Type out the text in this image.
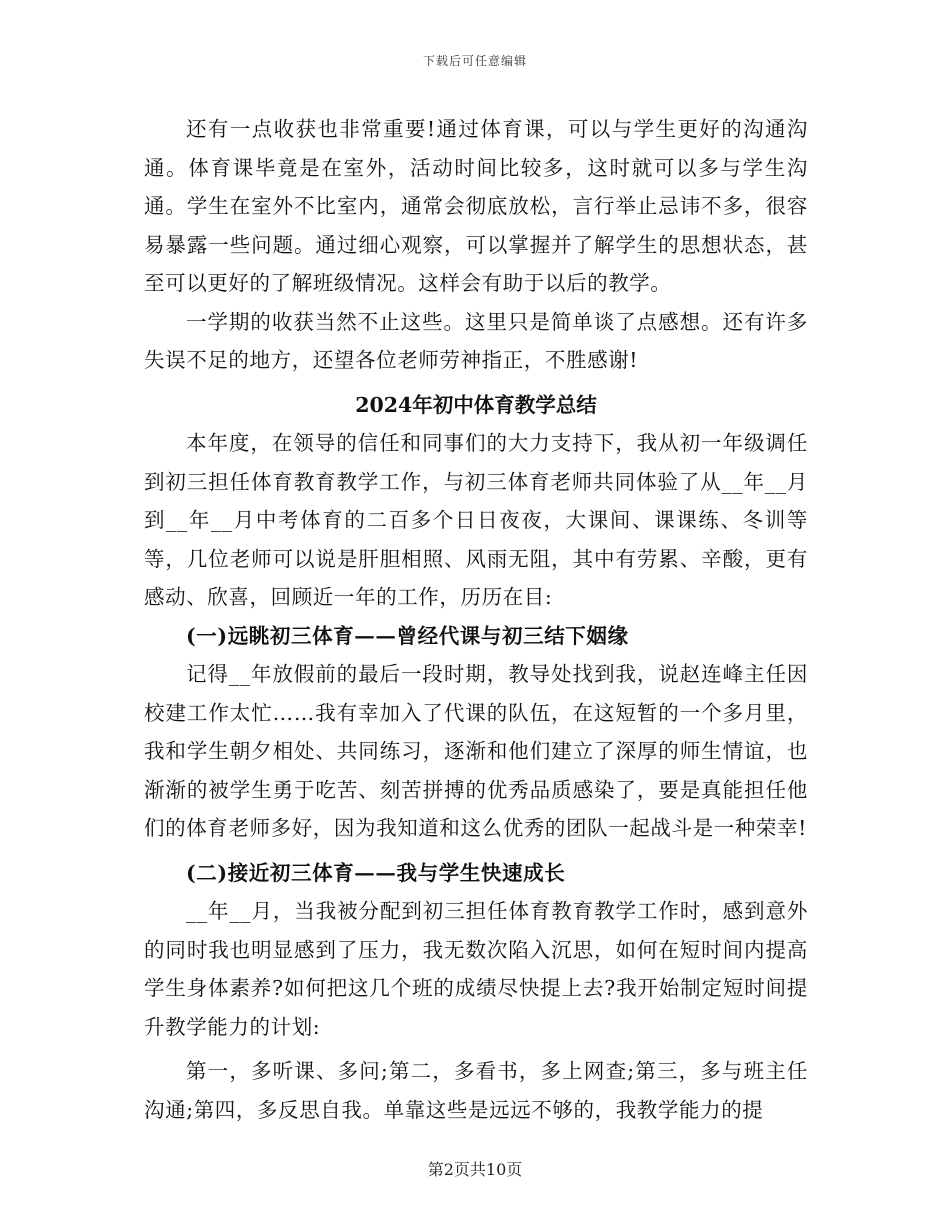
下载后可任意编辑

还有一点收获也非常重要!通过体育课，可以与学生更好的沟通沟通。体育课毕竟是在室外，活动时间比较多，这时就可以多与学生沟通。学生在室外不比室内，通常会彻底放松，言行举止忌讳不多，很容易暴露一些问题。通过细心观察，可以掌握并了解学生的思想状态，甚至可以更好的了解班级情况。这样会有助于以后的教学。

一学期的收获当然不止这些。这里只是简单谈了点感想。还有许多失误不足的地方，还望各位老师劳神指正，不胜感谢!

2024年初中体育教学总结

本年度，在领导的信任和同事们的大力支持下，我从初一年级调任到初三担任体育教育教学工作，与初三体育老师共同体验了从__年__月到__年__月中考体育的二百多个日日夜夜，大课间、课课练、冬训等等，几位老师可以说是肝胆相照、风雨无阻，其中有劳累、辛酸，更有感动、欣喜，回顾近一年的工作，历历在目:

(一)远眺初三体育——曾经代课与初三结下姻缘

记得__年放假前的最后一段时期，教导处找到我，说赵连峰主任因校建工作太忙……我有幸加入了代课的队伍，在这短暂的一个多月里，我和学生朝夕相处、共同练习，逐渐和他们建立了深厚的师生情谊，也渐渐的被学生勇于吃苦、刻苦拼搏的优秀品质感染了，要是真能担任他们的体育老师多好，因为我知道和这么优秀的团队一起战斗是一种荣幸!

(二)接近初三体育——我与学生快速成长

__年__月，当我被分配到初三担任体育教育教学工作时，感到意外的同时我也明显感到了压力，我无数次陷入沉思，如何在短时间内提高学生身体素养?如何把这几个班的成绩尽快提上去?我开始制定短时间提升教学能力的计划:

第一，多听课、多问;第二，多看书，多上网查;第三，多与班主任沟通;第四，多反思自我。单靠这些是远远不够的，我教学能力的提

第2页共10页
